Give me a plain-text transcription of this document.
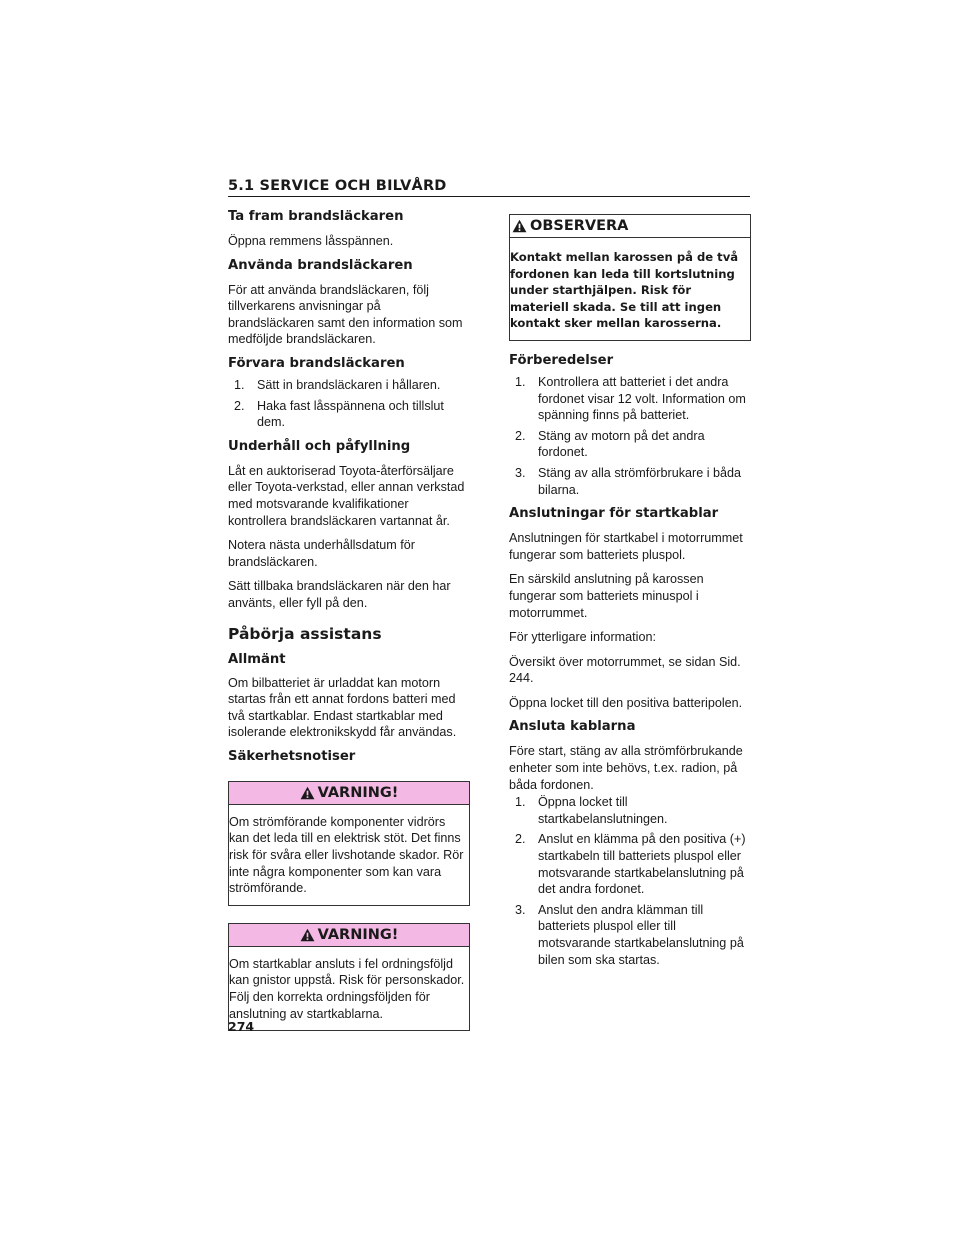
5.1 SERVICE OCH BILVÅRD
Ta fram brandsläckaren

Öppna remmens låsspännen.

Använda brandsläckaren

För att använda brandsläckaren, följ tillverkarens anvisningar på brandsläckaren samt den information som medföljde brandsläckaren.

Förvara brandsläckaren
1. Sätt in brandsläckaren i hållaren.
2. Haka fast låsspännena och tillslut dem.
Underhåll och påfyllning

Låt en auktoriserad Toyota-återförsäljare eller Toyota-verkstad, eller annan verkstad med motsvarande kvalifikationer kontrollera brandsläckaren vartannat år.

Notera nästa underhållsdatum för brandsläckaren.

Sätt tillbaka brandsläckaren när den har använts, eller fyll på den.

Påbörja assistans
Allmänt

Om bilbatteriet är urladdat kan motorn startas från ett annat fordons batteri med två startkablar. Endast startkablar med isolerande elektronikskydd får användas.

Säkerhetsnotiser
VARNING!

Om strömförande komponenter vidrörs kan det leda till en elektrisk stöt. Det finns risk för svåra eller livshotande skador. Rör inte några komponenter som kan vara strömförande.

VARNING!

Om startkablar ansluts i fel ordningsföljd kan gnistor uppstå. Risk för personskador. Följ den korrekta ordningsföljden för anslutning av startkablarna.

OBSERVERA

Kontakt mellan karossen på de två fordonen kan leda till kortslutning under starthjälpen. Risk för materiell skada. Se till att ingen kontakt sker mellan karosserna.

Förberedelser
1. Kontrollera att batteriet i det andra fordonet visar 12 volt. Information om spänning finns på batteriet.
2. Stäng av motorn på det andra fordonet.
3. Stäng av alla strömförbrukare i båda bilarna.
Anslutningar för startkablar

Anslutningen för startkabel i motorrummet fungerar som batteriets pluspol.

En särskild anslutning på karossen fungerar som batteriets minuspol i motorrummet.

För ytterligare information:

Översikt över motorrummet, se sidan Sid. 244.

Öppna locket till den positiva batteripolen.

Ansluta kablarna

Före start, stäng av alla strömförbrukande enheter som inte behövs, t.ex. radion, på båda fordonen.

1. Öppna locket till startkabelanslutningen.
2. Anslut en klämma på den positiva (+) startkabeln till batteriets pluspol eller motsvarande startkabelanslutning på det andra fordonet.
3. Anslut den andra klämman till batteriets pluspol eller till motsvarande startkabelanslutning på bilen som ska startas.
274
